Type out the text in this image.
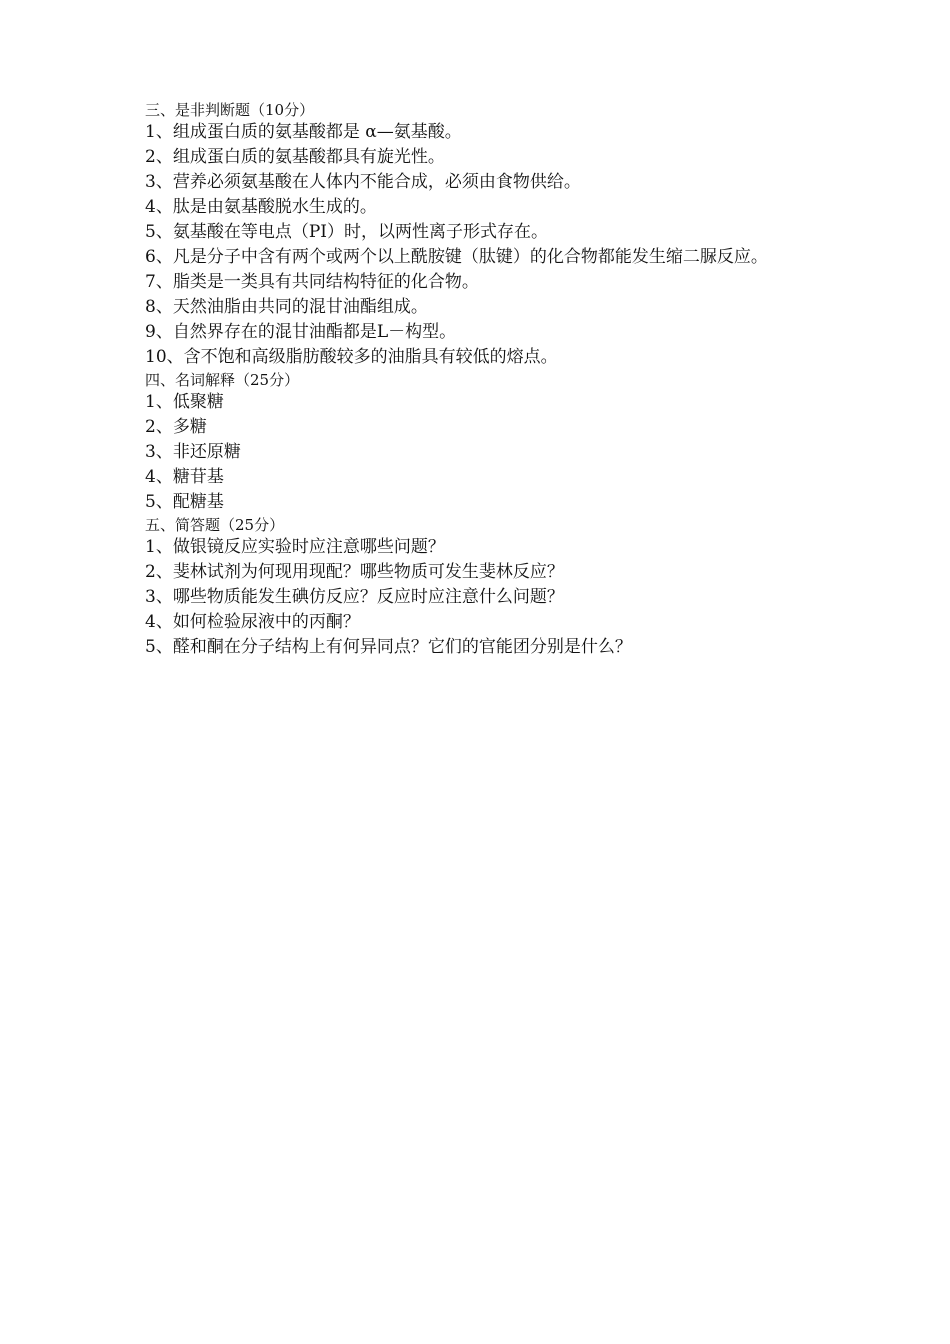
三、是非判断题（10分）

1、组成蛋白质的氨基酸都是 α—氨基酸。

2、组成蛋白质的氨基酸都具有旋光性。

3、营养必须氨基酸在人体内不能合成，必须由食物供给。

4、肽是由氨基酸脱水生成的。

5、氨基酸在等电点（PI）时，以两性离子形式存在。

6、凡是分子中含有两个或两个以上酰胺键（肽键）的化合物都能发生缩二脲反应。

7、脂类是一类具有共同结构特征的化合物。

8、天然油脂由共同的混甘油酯组成。

9、自然界存在的混甘油酯都是L－构型。

10、含不饱和高级脂肪酸较多的油脂具有较低的熔点。

四、名词解释（25分）

1、低聚糖

2、多糖

3、非还原糖

4、糖苷基

5、配糖基

五、简答题（25分）

1、做银镜反应实验时应注意哪些问题？

2、斐林试剂为何现用现配？哪些物质可发生斐林反应？

3、哪些物质能发生碘仿反应？反应时应注意什么问题？

4、如何检验尿液中的丙酮？

5、醛和酮在分子结构上有何异同点？它们的官能团分别是什么？
